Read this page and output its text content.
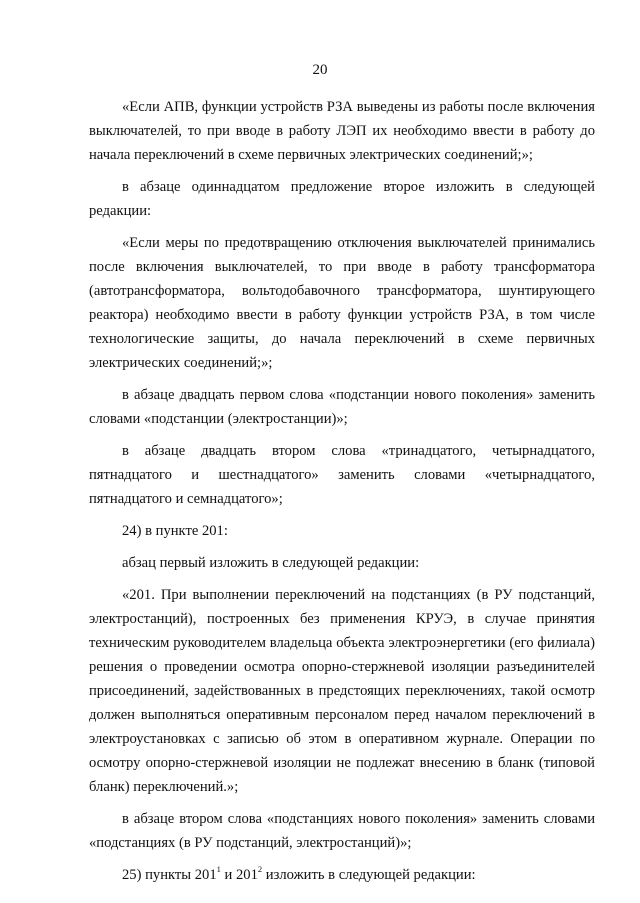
20

«Если АПВ, функции устройств РЗА выведены из работы после включения выключателей, то при вводе в работу ЛЭП их необходимо ввести в работу до начала переключений в схеме первичных электрических соединений;»;

в абзаце одиннадцатом предложение второе изложить в следующей редакции:

«Если меры по предотвращению отключения выключателей принимались после включения выключателей, то при вводе в работу трансформатора (автотрансформатора, вольтодобавочного трансформатора, шунтирующего реактора) необходимо ввести в работу функции устройств РЗА, в том числе технологические защиты, до начала переключений в схеме первичных электрических соединений;»;

в абзаце двадцать первом слова «подстанции нового поколения» заменить словами «подстанции (электростанции)»;

в абзаце двадцать втором слова «тринадцатого, четырнадцатого, пятнадцатого и шестнадцатого» заменить словами «четырнадцатого, пятнадцатого и семнадцатого»;

24) в пункте 201:

абзац первый изложить в следующей редакции:

«201. При выполнении переключений на подстанциях (в РУ подстанций, электростанций), построенных без применения КРУЭ, в случае принятия техническим руководителем владельца объекта электроэнергетики (его филиала) решения о проведении осмотра опорно-стержневой изоляции разъединителей присоединений, задействованных в предстоящих переключениях, такой осмотр должен выполняться оперативным персоналом перед началом переключений в электроустановках с записью об этом в оперативном журнале. Операции по осмотру опорно-стержневой изоляции не подлежат внесению в бланк (типовой бланк) переключений.»;

в абзаце втором слова «подстанциях нового поколения» заменить словами «подстанциях (в РУ подстанций, электростанций)»;

25) пункты $201^1$ и $201^2$ изложить в следующей редакции:
